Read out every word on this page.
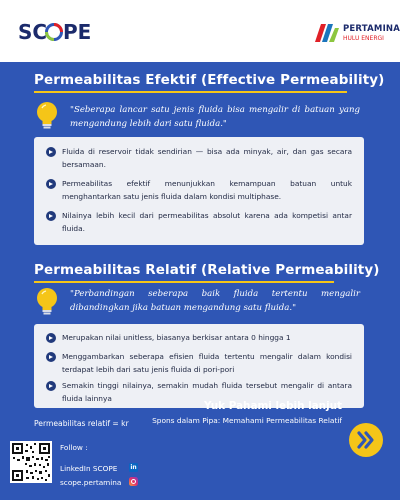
SC PE	PERTAMINA
HULU ENERGI
Permeabilitas Efektif (Effective Permeability)
"Seberapa lancar satu jenis fluida bisa mengalir di batuan yang mengandung lebih dari satu fluida."
Fluida di reservoir tidak sendirian — bisa ada minyak, air, dan gas secara bersamaan.
Permeabilitas efektif menunjukkan kemampuan batuan untuk menghantarkan satu jenis fluida dalam kondisi multiphase.
Nilainya lebih kecil dari permeabilitas absolut karena ada kompetisi antar fluida.
Permeabilitas Relatif (Relative Permeability)
"Perbandingan seberapa baik fluida tertentu mengalir dibandingkan jika batuan mengandung satu fluida."
Merupakan nilai unitless, biasanya berkisar antara 0 hingga 1
Menggambarkan seberapa efisien fluida tertentu mengalir dalam kondisi terdapat lebih dari satu jenis fluida di pori-pori
Semakin tinggi nilainya, semakin mudah fluida tersebut mengalir di antara fluida lainnya
Permeabilitas relatif = kr
Yuk Pahami lebih lanjut
Spons dalam Pipa: Memahami Permeabilitas Relatif
Follow :
LinkedIn SCOPE in
scope.pertamina
